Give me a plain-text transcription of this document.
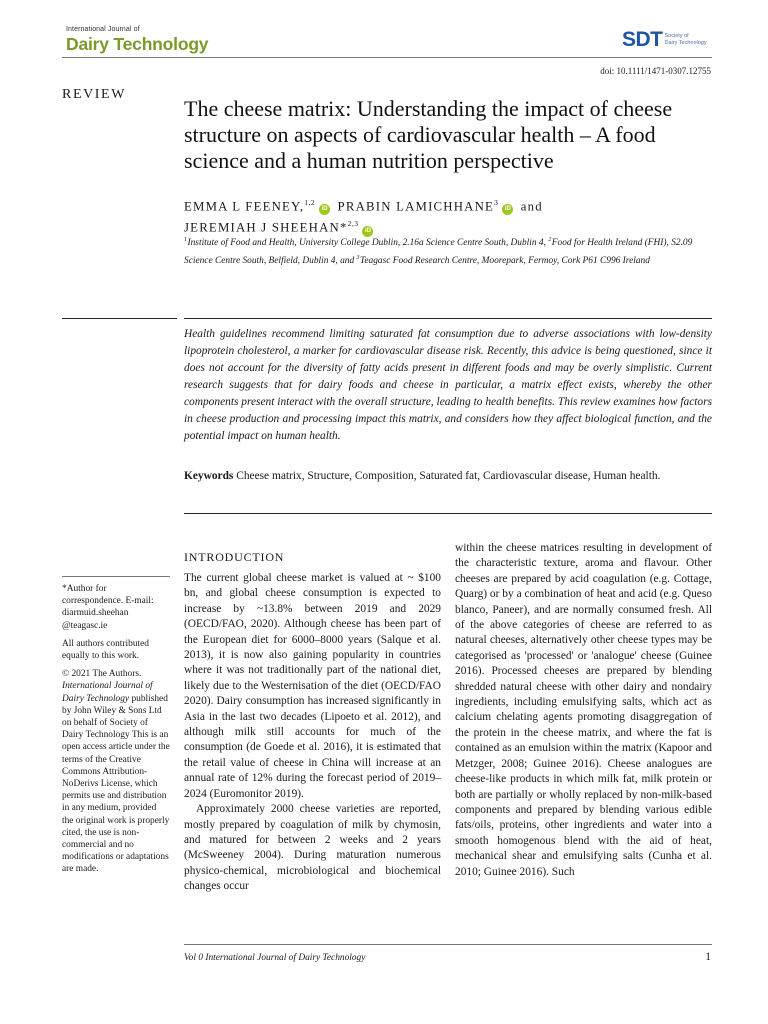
International Journal of
Dairy Technology	SDT Society of
Dairy Technology
doi: 10.1111/1471-0307.12755
REVIEW
The cheese matrix: Understanding the impact of cheese structure on aspects of cardiovascular health – A food science and a human nutrition perspective
EMMA L FEENEY,$^{1,2}$iD PRABIN LAMICHHANE$^3$iD and
JEREMIAH J SHEEHAN*$^{2,3}$iD
$^1$Institute of Food and Health, University College Dublin, 2.16a Science Centre South, Dublin 4, $^2$Food for Health Ireland (FHI), S2.09 Science Centre South, Belfield, Dublin 4, and $^3$Teagasc Food Research Centre, Moorepark, Fermoy, Cork P61 C996 Ireland

Health guidelines recommend limiting saturated fat consumption due to adverse associations with low-density lipoprotein cholesterol, a marker for cardiovascular disease risk. Recently, this advice is being questioned, since it does not account for the diversity of fatty acids present in different foods and may be overly simplistic. Current research suggests that for dairy foods and cheese in particular, a matrix effect exists, whereby the other components present interact with the overall structure, leading to health benefits. This review examines how factors in cheese production and processing impact this matrix, and considers how they affect biological function, and the potential impact on human health.

Keywords Cheese matrix, Structure, Composition, Saturated fat, Cardiovascular disease, Human health.

*Author for correspondence. E-mail: diarmuid.sheehan @teagasc.ie

All authors contributed equally to this work.

© 2021 The Authors. International Journal of Dairy Technology published by John Wiley & Sons Ltd on behalf of Society of Dairy Technology This is an open access article under the terms of the Creative Commons Attribution-NoDerivs License, which permits use and distribution in any medium, provided the original work is properly cited, the use is non-commercial and no modifications or adaptations are made.

INTRODUCTION

The current global cheese market is valued at ~ $100 bn, and global cheese consumption is expected to increase by ~13.8% between 2019 and 2029 (OECD/FAO, 2020). Although cheese has been part of the European diet for 6000–8000 years (Salque et al. 2013), it is now also gaining popularity in countries where it was not traditionally part of the national diet, likely due to the Westernisation of the diet (OECD/FAO 2020). Dairy consumption has increased significantly in Asia in the last two decades (Lipoeto et al. 2012), and although milk still accounts for much of the consumption (de Goede et al. 2016), it is estimated that the retail value of cheese in China will increase at an annual rate of 12% during the forecast period of 2019–2024 (Euromonitor 2019).

Approximately 2000 cheese varieties are reported, mostly prepared by coagulation of milk by chymosin, and matured for between 2 weeks and 2 years (McSweeney 2004). During maturation numerous physico-chemical, microbiological and biochemical changes occur

within the cheese matrices resulting in development of the characteristic texture, aroma and flavour. Other cheeses are prepared by acid coagulation (e.g. Cottage, Quarg) or by a combination of heat and acid (e.g. Queso blanco, Paneer), and are normally consumed fresh. All of the above categories of cheese are referred to as natural cheeses, alternatively other cheese types may be categorised as 'processed' or 'analogue' cheese (Guinee 2016). Processed cheeses are prepared by blending shredded natural cheese with other dairy and nondairy ingredients, including emulsifying salts, which act as calcium chelating agents promoting disaggregation of the protein in the cheese matrix, and where the fat is contained as an emulsion within the matrix (Kapoor and Metzger, 2008; Guinee 2016). Cheese analogues are cheese-like products in which milk fat, milk protein or both are partially or wholly replaced by non-milk-based components and prepared by blending various edible fats/oils, proteins, other ingredients and water into a smooth homogenous blend with the aid of heat, mechanical shear and emulsifying salts (Cunha et al. 2010; Guinee 2016). Such

Vol 0 International Journal of Dairy Technology	1
